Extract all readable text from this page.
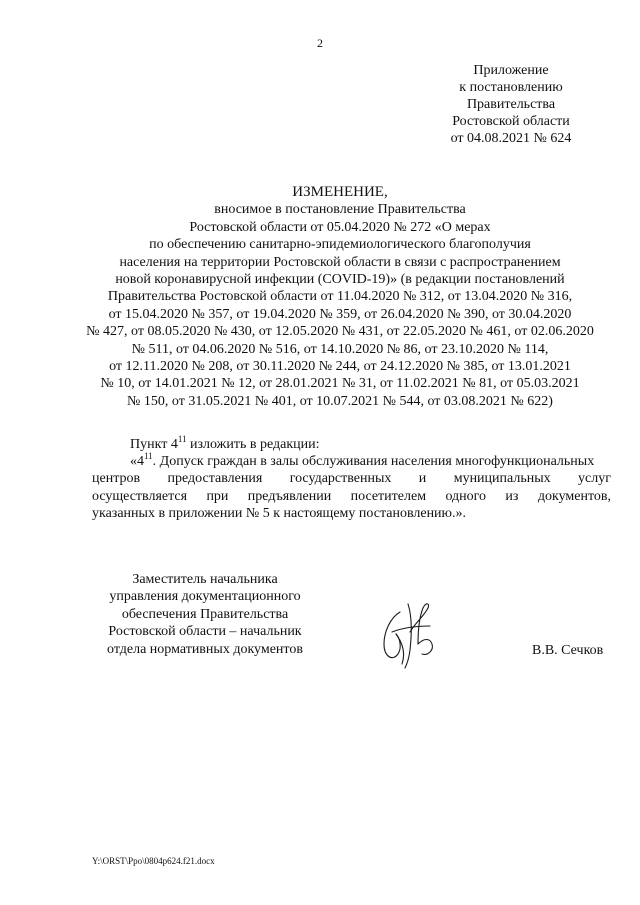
2
Приложение
к постановлению
Правительства
Ростовской области
от 04.08.2021 № 624
ИЗМЕНЕНИЕ,
вносимое в постановление Правительства
Ростовской области от 05.04.2020 № 272 «О мерах
по обеспечению санитарно-эпидемиологического благополучия
населения на территории Ростовской области в связи с распространением
новой коронавирусной инфекции (COVID-19)» (в редакции постановлений
Правительства Ростовской области от 11.04.2020 № 312, от 13.04.2020 № 316,
от 15.04.2020 № 357, от 19.04.2020 № 359, от 26.04.2020 № 390, от 30.04.2020
№ 427, от 08.05.2020 № 430, от 12.05.2020 № 431, от 22.05.2020 № 461, от 02.06.2020
№ 511, от 04.06.2020 № 516, от 14.10.2020 № 86, от 23.10.2020 № 114,
от 12.11.2020 № 208, от 30.11.2020 № 244, от 24.12.2020 № 385, от 13.01.2021
№ 10, от 14.01.2021 № 12, от 28.01.2021 № 31, от 11.02.2021 № 81, от 05.03.2021
№ 150, от 31.05.2021 № 401, от 10.07.2021 № 544, от 03.08.2021 № 622)
Пункт $4^{11}$ изложить в редакции:
«$4^{11}$. Допуск граждан в залы обслуживания населения многофункциональных
центров предоставления государственных и муниципальных услуг
осуществляется при предъявлении посетителем одного из документов,
указанных в приложении № 5 к настоящему постановлению.».
Заместитель начальника
управления документационного
обеспечения Правительства
Ростовской области – начальник
отдела нормативных документов	В.В. Сечков
Y:\ORST\Ppo\0804p624.f21.docx
